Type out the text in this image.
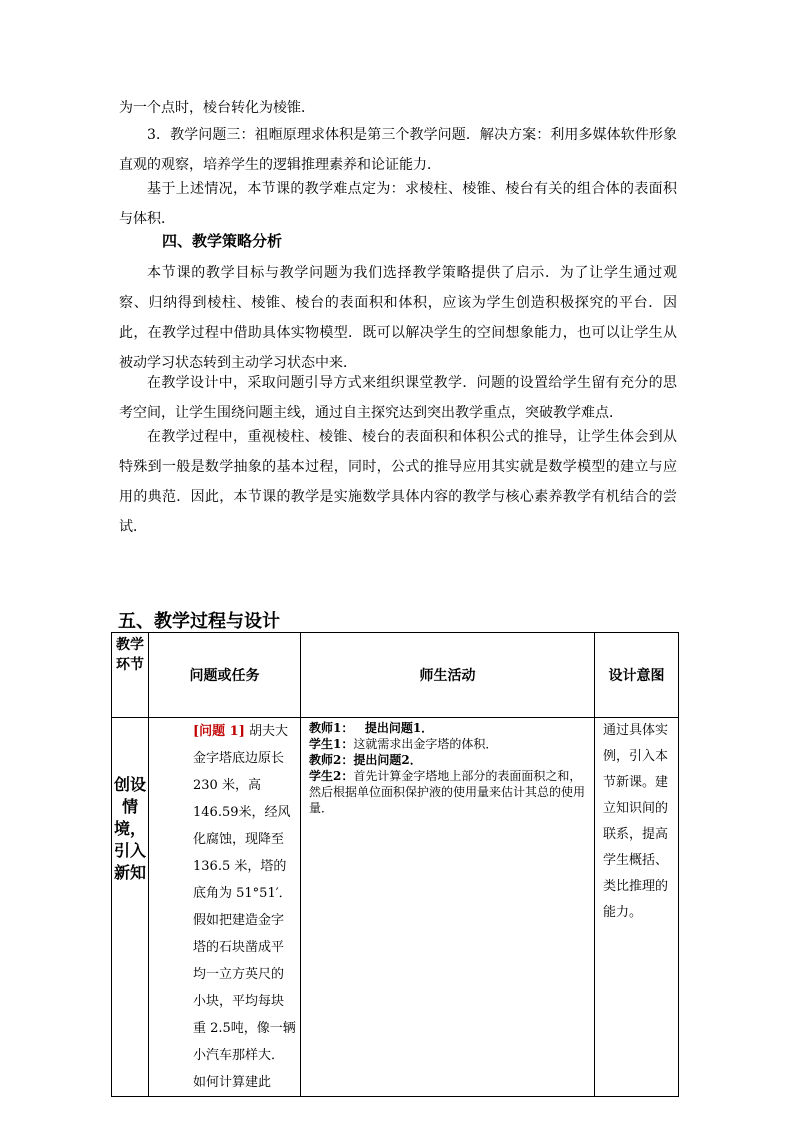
为一个点时，棱台转化为棱锥．

3．教学问题三：祖暅原理求体积是第三个教学问题．解决方案：利用多媒体软件形象直观的观察，培养学生的逻辑推理素养和论证能力．

基于上述情况，本节课的教学难点定为：求棱柱、棱锥、棱台有关的组合体的表面积与体积．

四、教学策略分析

本节课的教学目标与教学问题为我们选择教学策略提供了启示．为了让学生通过观察、归纳得到棱柱、棱锥、棱台的表面积和体积，应该为学生创造积极探究的平台．因此，在教学过程中借助具体实物模型．既可以解决学生的空间想象能力，也可以让学生从被动学习状态转到主动学习状态中来．

在教学设计中，采取问题引导方式来组织课堂教学．问题的设置给学生留有充分的思考空间，让学生围绕问题主线，通过自主探究达到突出教学重点，突破教学难点．

在教学过程中，重视棱柱、棱锥、棱台的表面积和体积公式的推导，让学生体会到从特殊到一般是数学抽象的基本过程，同时，公式的推导应用其实就是数学模型的建立与应用的典范．因此，本节课的教学是实施数学具体内容的教学与核心素养教学有机结合的尝试．

五、教学过程与设计
教学环节	问题或任务	师生活动	设计意图
创设情境，引入新知	[问题 1] 胡夫大金字塔底边原长 230 米，高 146.59米，经风化腐蚀，现降至 136.5 米，塔的底角为 51°51′．假如把建造金字塔的石块凿成平均一立方英尺的小块，平均每块重 2.5吨，像一辆小汽车那样大．如何计算建此	教师1： 提出问题1．

学生1：这就需求出金字塔的体积．

教师2：提出问题2．

学生2：首先计算金字塔地上部分的表面面积之和，然后根据单位面积保护液的使用量来估计其总的使用量．	通过具体实例，引入本节新课。建立知识间的联系，提高学生概括、类比推理的能力。
